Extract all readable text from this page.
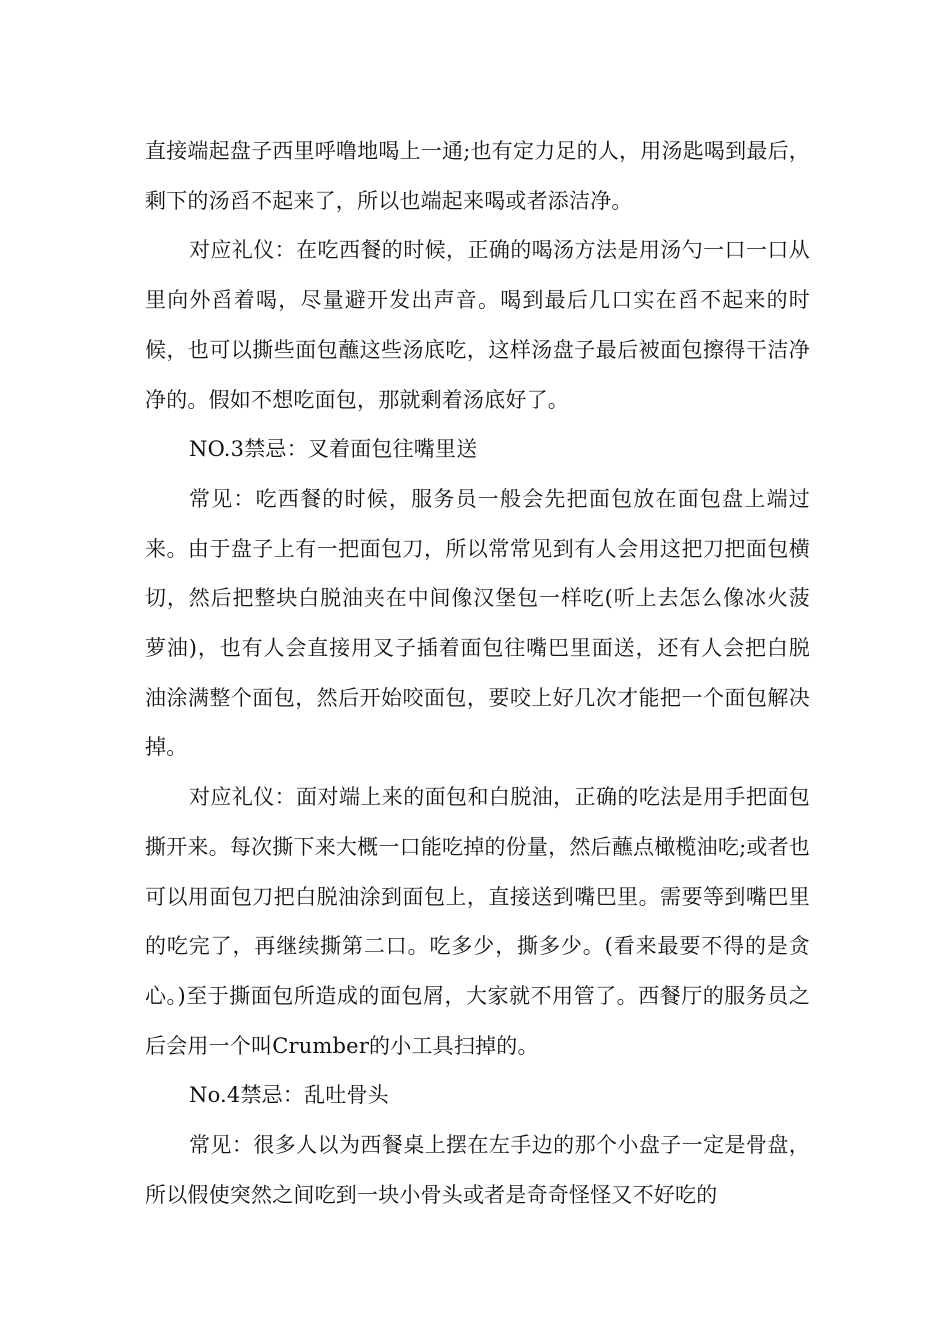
直接端起盘子西里呼噜地喝上一通;也有定力足的人，用汤匙喝到最后，剩下的汤舀不起来了，所以也端起来喝或者添洁净。

对应礼仪：在吃西餐的时候，正确的喝汤方法是用汤勺一口一口从里向外舀着喝，尽量避开发出声音。喝到最后几口实在舀不起来的时候，也可以撕些面包蘸这些汤底吃，这样汤盘子最后被面包擦得干洁净净的。假如不想吃面包，那就剩着汤底好了。

NO.3禁忌：叉着面包往嘴里送

常见：吃西餐的时候，服务员一般会先把面包放在面包盘上端过来。由于盘子上有一把面包刀，所以常常见到有人会用这把刀把面包横切，然后把整块白脱油夹在中间像汉堡包一样吃(听上去怎么像冰火菠萝油)，也有人会直接用叉子插着面包往嘴巴里面送，还有人会把白脱油涂满整个面包，然后开始咬面包，要咬上好几次才能把一个面包解决掉。

对应礼仪：面对端上来的面包和白脱油，正确的吃法是用手把面包撕开来。每次撕下来大概一口能吃掉的份量，然后蘸点橄榄油吃;或者也可以用面包刀把白脱油涂到面包上，直接送到嘴巴里。需要等到嘴巴里的吃完了，再继续撕第二口。吃多少，撕多少。(看来最要不得的是贪心。)至于撕面包所造成的面包屑，大家就不用管了。西餐厅的服务员之后会用一个叫Crumber的小工具扫掉的。

No.4禁忌：乱吐骨头

常见：很多人以为西餐桌上摆在左手边的那个小盘子一定是骨盘，所以假使突然之间吃到一块小骨头或者是奇奇怪怪又不好吃的
